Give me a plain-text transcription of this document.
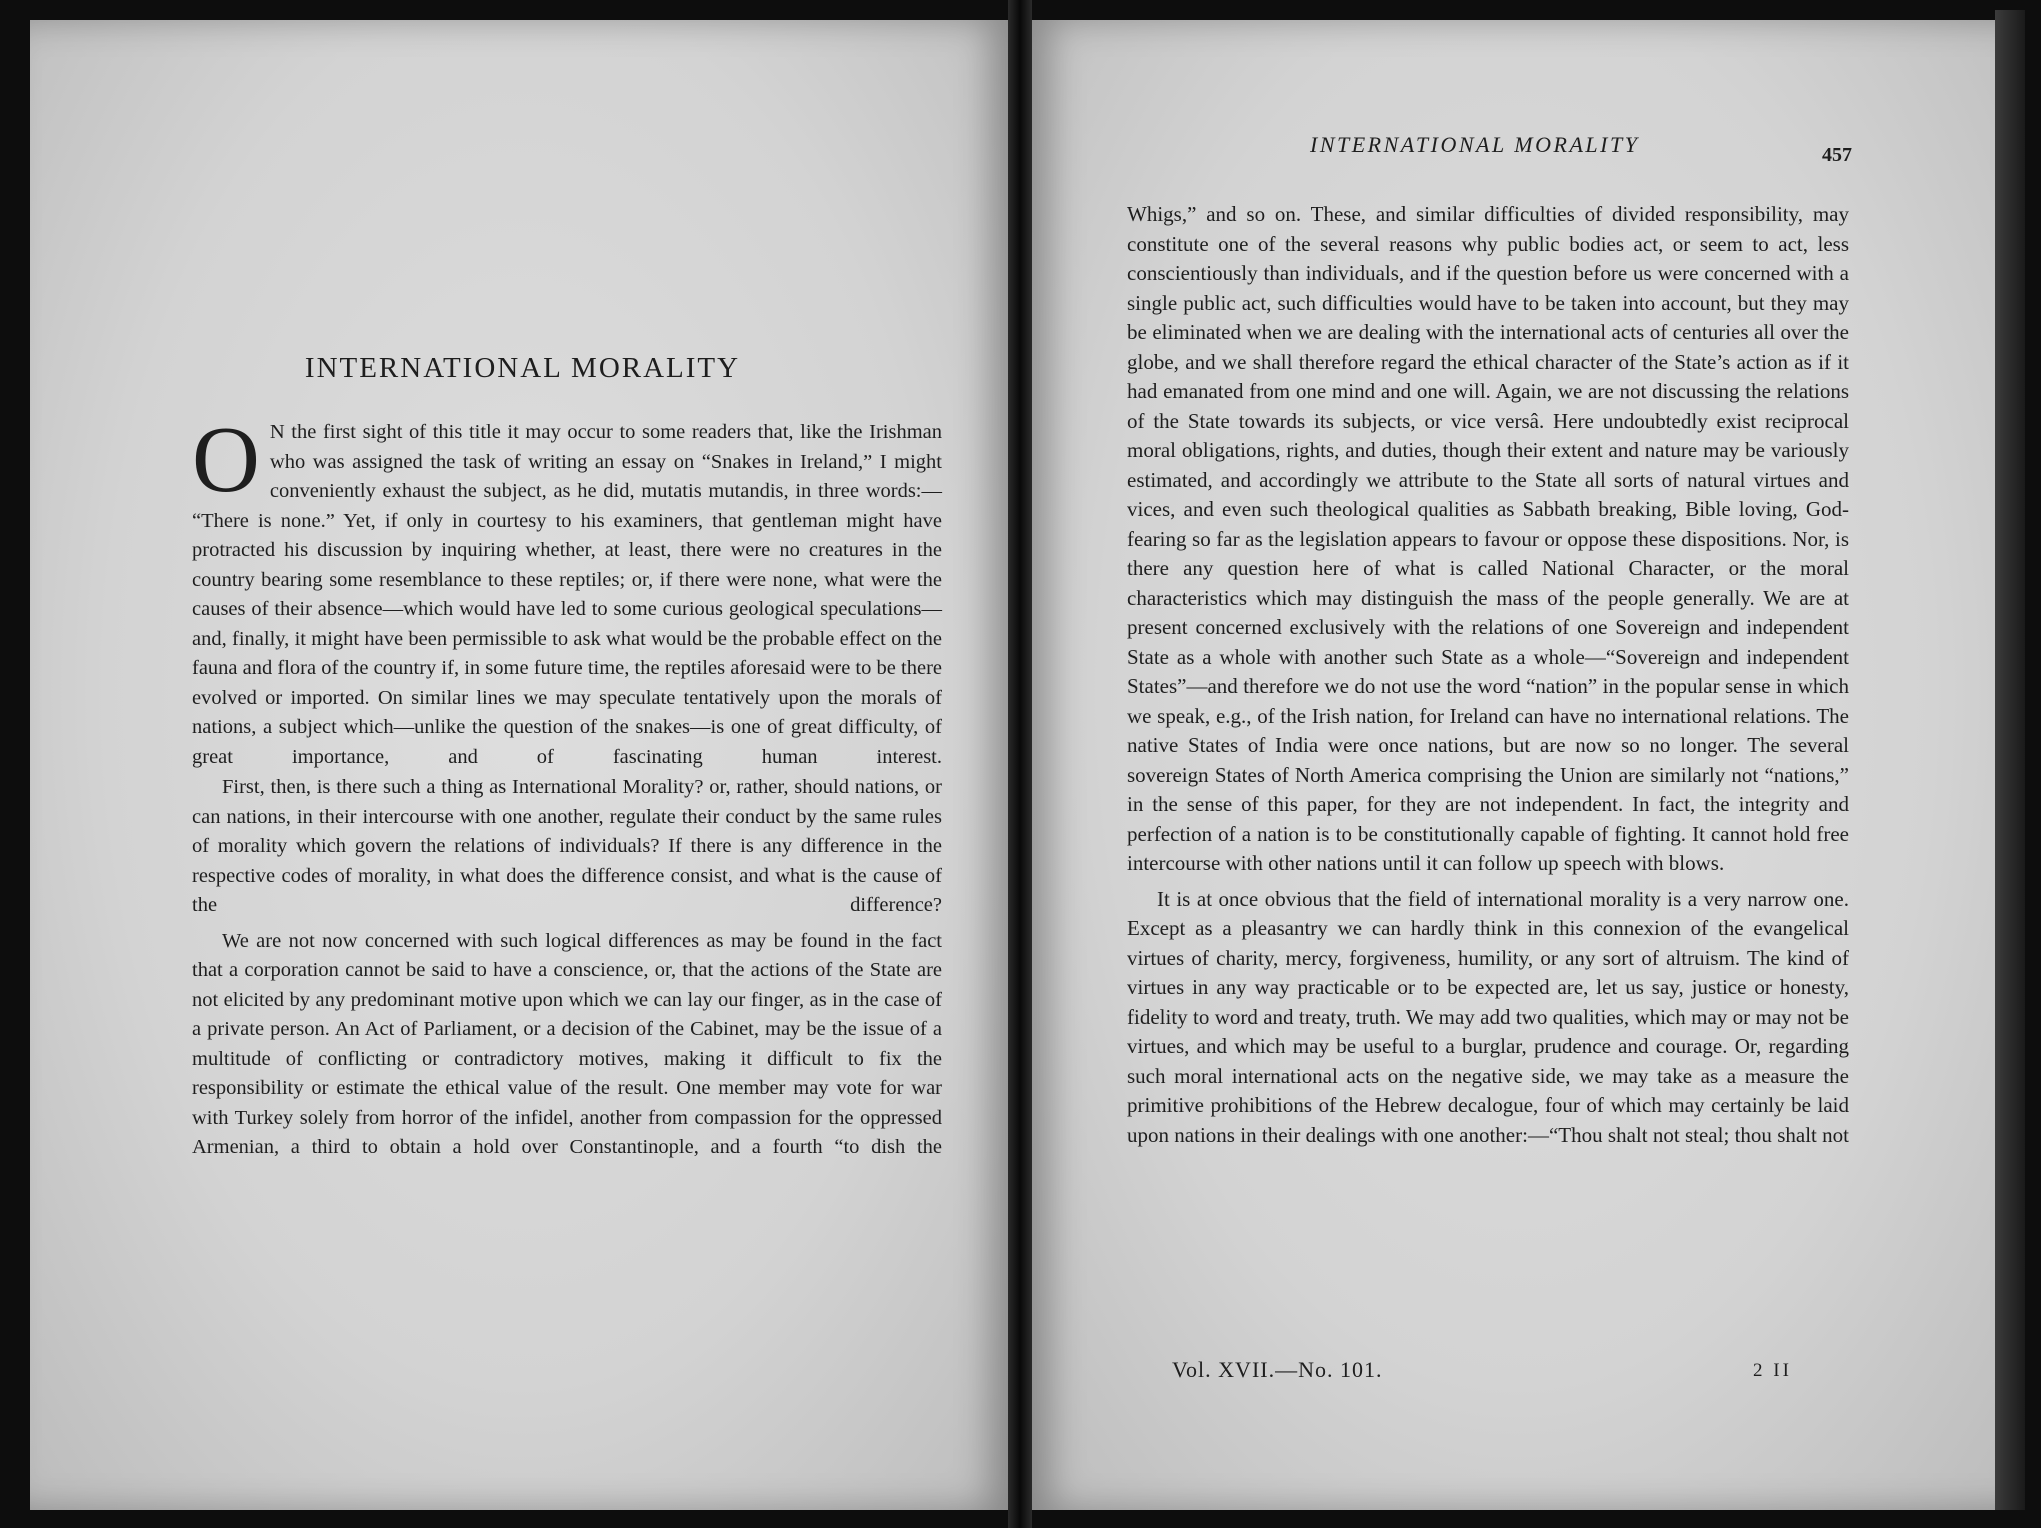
INTERNATIONAL MORALITY

O N the first sight of this title it may occur to some readers that, like the Irishman who was assigned the task of writing an essay on “Snakes in Ireland,” I might conveniently exhaust the subject, as he did, mutatis mutandis, in three words:— “There is none.” Yet, if only in courtesy to his examiners, that gentleman might have protracted his discussion by inquiring whether, at least, there were no creatures in the country bearing some resemblance to these reptiles; or, if there were none, what were the causes of their absence—which would have led to some curious geological speculations—and, finally, it might have been permissible to ask what would be the probable effect on the fauna and flora of the country if, in some future time, the reptiles aforesaid were to be there evolved or imported. On similar lines we may speculate tentatively upon the morals of nations, a subject which—unlike the question of the snakes—is one of great difficulty, of great importance, and of fascinating human interest.

First, then, is there such a thing as International Morality? or, rather, should nations, or can nations, in their intercourse with one another, regulate their conduct by the same rules of morality which govern the relations of individuals? If there is any difference in the respective codes of morality, in what does the difference consist, and what is the cause of the difference?

We are not now concerned with such logical differences as may be found in the fact that a corporation cannot be said to have a conscience, or, that the actions of the State are not elicited by any predominant motive upon which we can lay our finger, as in the case of a private person. An Act of Parliament, or a decision of the Cabinet, may be the issue of a multitude of conflicting or contradictory motives, making it difficult to fix the responsibility or estimate the ethical value of the result. One member may vote for war with Turkey solely from horror of the infidel, another from compassion for the oppressed Armenian, a third to obtain a hold over Constantinople, and a fourth “to dish the

INTERNATIONAL MORALITY	457

Whigs,” and so on. These, and similar difficulties of divided responsibility, may constitute one of the several reasons why public bodies act, or seem to act, less conscientiously than individuals, and if the question before us were concerned with a single public act, such difficulties would have to be taken into account, but they may be eliminated when we are dealing with the international acts of centuries all over the globe, and we shall therefore regard the ethical character of the State’s action as if it had emanated from one mind and one will. Again, we are not discussing the relations of the State towards its subjects, or vice versâ. Here undoubtedly exist reciprocal moral obligations, rights, and duties, though their extent and nature may be variously estimated, and accordingly we attribute to the State all sorts of natural virtues and vices, and even such theological qualities as Sabbath breaking, Bible loving, God-fearing so far as the legislation appears to favour or oppose these dispositions. Nor, is there any question here of what is called National Character, or the moral characteristics which may distinguish the mass of the people generally. We are at present concerned exclusively with the relations of one Sovereign and independent State as a whole with another such State as a whole—“Sovereign and independent States”—and therefore we do not use the word “nation” in the popular sense in which we speak, e.g., of the Irish nation, for Ireland can have no international relations. The native States of India were once nations, but are now so no longer. The several sovereign States of North America comprising the Union are similarly not “nations,” in the sense of this paper, for they are not independent. In fact, the integrity and perfection of a nation is to be constitutionally capable of fighting. It cannot hold free intercourse with other nations until it can follow up speech with blows.

It is at once obvious that the field of international morality is a very narrow one. Except as a pleasantry we can hardly think in this connexion of the evangelical virtues of charity, mercy, forgiveness, humility, or any sort of altruism. The kind of virtues in any way practicable or to be expected are, let us say, justice or honesty, fidelity to word and treaty, truth. We may add two qualities, which may or may not be virtues, and which may be useful to a burglar, prudence and courage. Or, regarding such moral international acts on the negative side, we may take as a measure the primitive prohibitions of the Hebrew decalogue, four of which may certainly be laid upon nations in their dealings with one another:—“Thou shalt not steal; thou shalt not

Vol. XVII.—No. 101.	2 II
